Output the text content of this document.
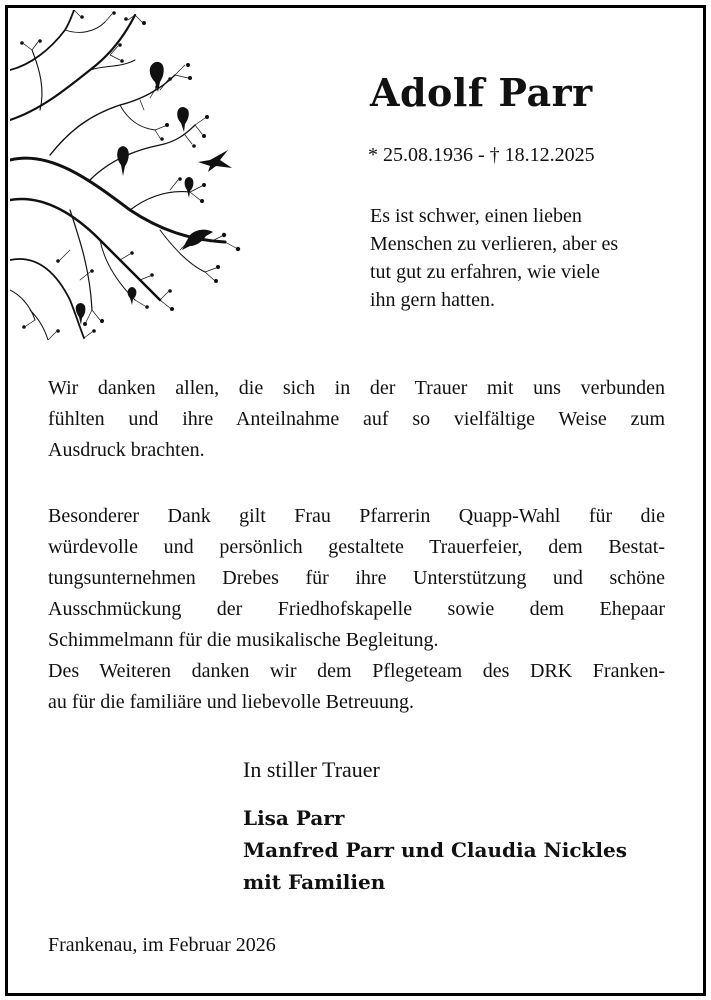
Adolf Parr
* 25.08.1936 - † 18.12.2025
Es ist schwer, einen lieben
Menschen zu verlieren, aber es
tut gut zu erfahren, wie viele
ihn gern hatten.
Wir danken allen, die sich in der Trauer mit uns verbunden
fühlten und ihre Anteilnahme auf so vielfältige Weise zum
Ausdruck brachten.
Besonderer Dank gilt Frau Pfarrerin Quapp-Wahl für die
würdevolle und persönlich gestaltete Trauerfeier, dem Bestat-
tungsunternehmen Drebes für ihre Unterstützung und schöne
Ausschmückung der Friedhofskapelle sowie dem Ehepaar
Schimmelmann für die musikalische Begleitung.
Des Weiteren danken wir dem Pflegeteam des DRK Franken-
au für die familiäre und liebevolle Betreuung.
In stiller Trauer
Lisa Parr
Manfred Parr und Claudia Nickles
mit Familien
Frankenau, im Februar 2026
